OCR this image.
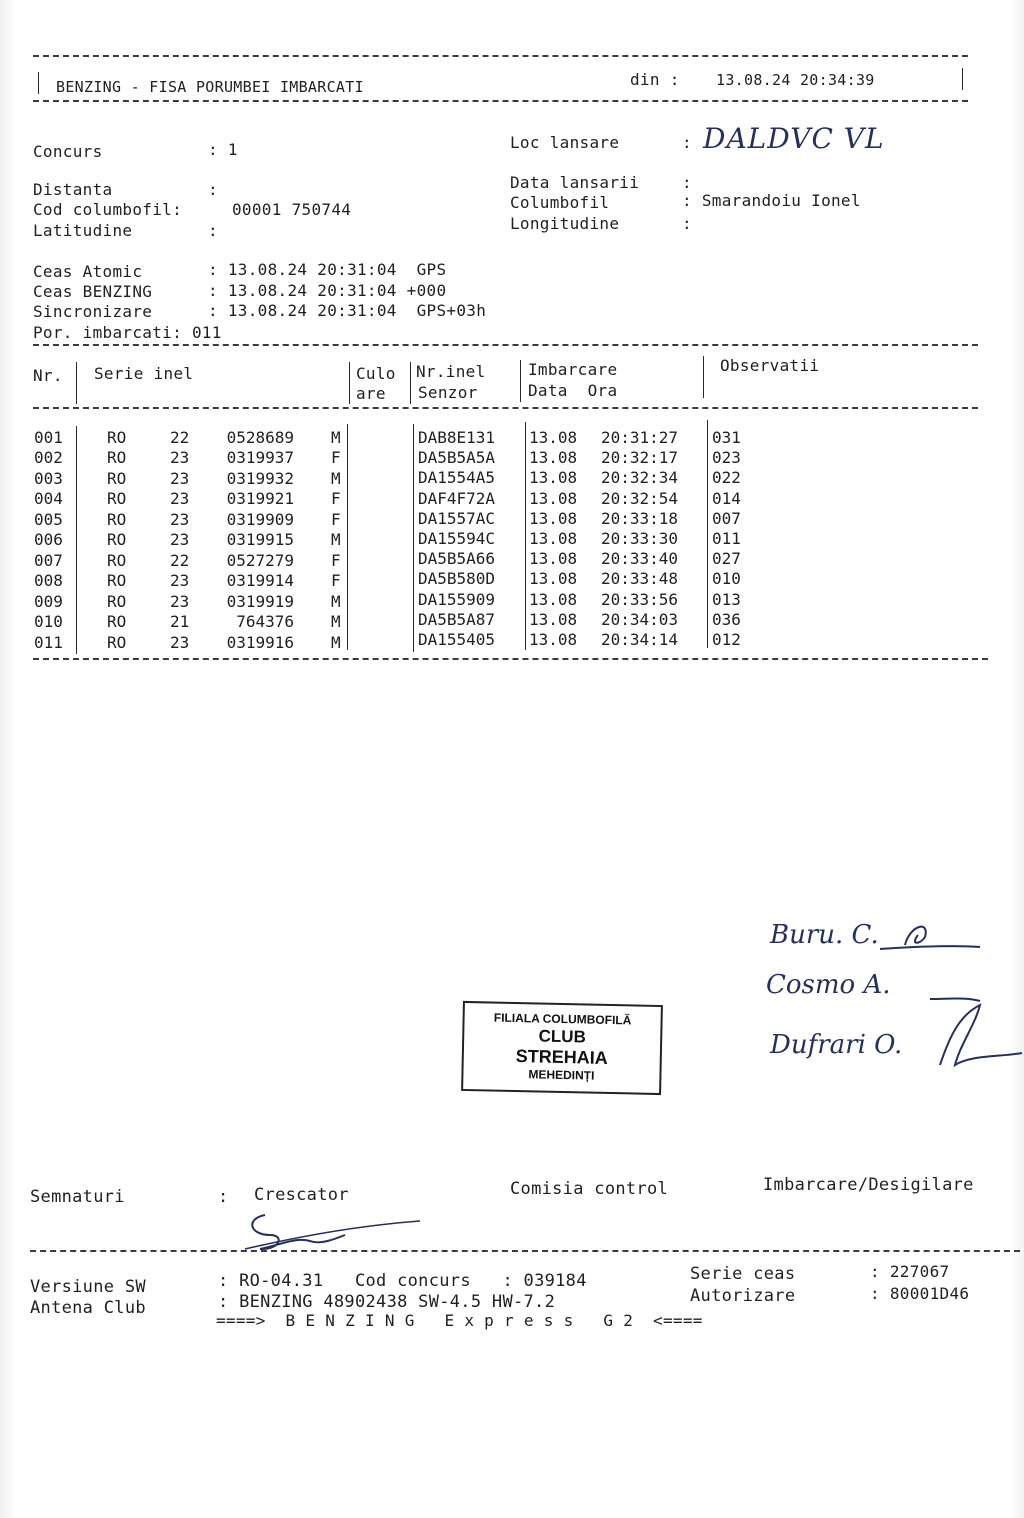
BENZING - FISA PORUMBEI IMBARCATI	din : 13.08.24 20:34:39
Concurs	: 1
Distanta	:
Cod columbofil:	00001 750744
Latitudine	:
Loc lansare	: DALDVC VL
Data lansarii	:
Columbofil	: Smarandoiu Ionel
Longitudine	:
Ceas Atomic	: 13.08.24 20:31:04  GPS
Ceas BENZING	: 13.08.24 20:31:04 +000
Sincronizare	: 13.08.24 20:31:04  GPS+03h
Por. imbarcati: 011
Nr. Serie inel	Culo
are
Nr.inel
Senzor
Imbarcare
Data  Ora
Observatii
001	RO	22	0528689 M	DAB8E131 13.08 20:31:27 031
002	RO	23	0319937 F	DA5B5A5A 13.08 20:32:17 023
003	RO	23	0319932 M	DA1554A5 13.08 20:32:34 022
004	RO	23	0319921 F	DAF4F72A 13.08 20:32:54 014
005	RO	23	0319909 F	DA1557AC 13.08 20:33:18 007
006	RO	23	0319915 M	DA15594C 13.08 20:33:30 011
007	RO	22	0527279 F	DA5B5A66 13.08 20:33:40 027
008	RO	23	0319914 F	DA5B580D 13.08 20:33:48 010
009	RO	23	0319919 M	DA155909 13.08 20:33:56 013
010	RO	21	764376 M	DA5B5A87 13.08 20:34:03 036
011	RO	23	0319916 M	DA155405 13.08 20:34:14 012
Buru. C.
Cosmo A.
Dufrari O.
FILIALA COLUMBOFILĂ
CLUB
STREHAIA
MEHEDINȚI
Semnaturi	: Crescator	Comisia control	Imbarcare/Desigilare
Versiune SW	: RO-04.31 Cod concurs   : 039184	Serie ceas	: 227067
Antena Club	: BENZING 48902438 SW-4.5 HW-7.2	Autorizare	: 80001D46
====>  B E N Z I N G   E x p r e s s   G 2  <====
